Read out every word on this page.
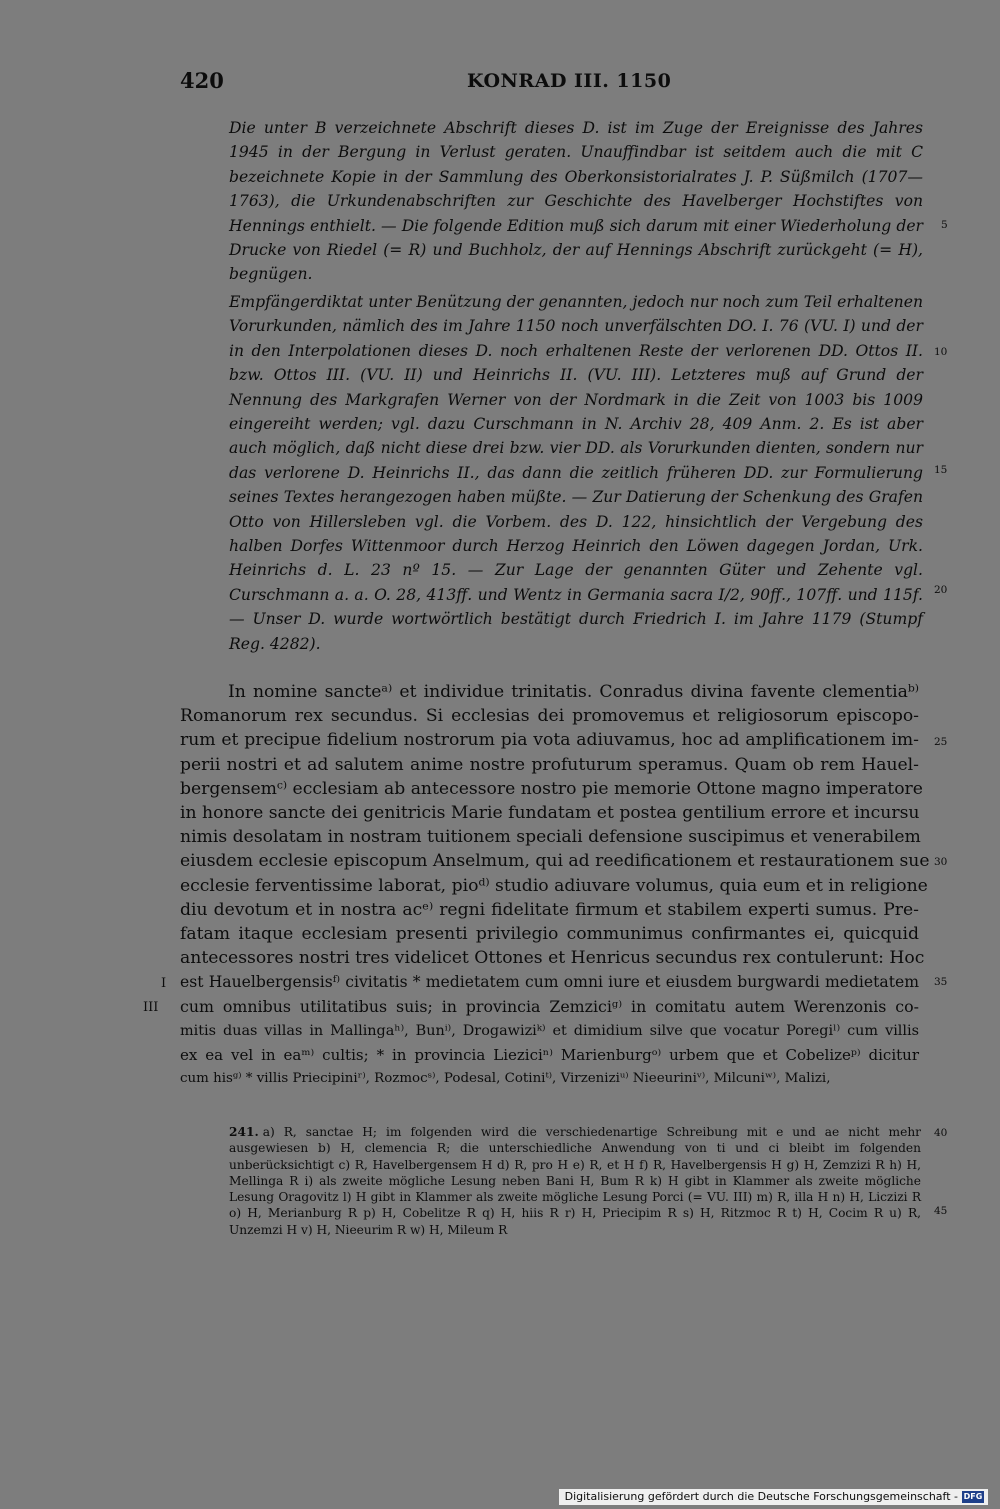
420	KONRAD III. 1150
Die unter B verzeichnete Abschrift dieses D. ist im Zuge der Ereignisse des Jahres 1945 in der Bergung in Verlust geraten. Unauffindbar ist seitdem auch die mit C bezeichnete Kopie in der Sammlung des Oberkonsistorialrates J. P. Süßmilch (1707—1763), die Urkundenabschriften zur Geschichte des Havelberger Hochstiftes von Hennings enthielt. — Die folgende Edition muß sich darum mit einer Wiederholung der Drucke von Riedel (= R) und Buchholz, der auf Hennings Abschrift zurückgeht (= H), begnügen.
Empfängerdiktat unter Benützung der genannten, jedoch nur noch zum Teil erhaltenen Vorurkunden, nämlich des im Jahre 1150 noch unverfälschten DO. I. 76 (VU. I) und der in den Interpolationen dieses D. noch erhaltenen Reste der verlorenen DD. Ottos II. bzw. Ottos III. (VU. II) und Heinrichs II. (VU. III). Letzteres muß auf Grund der Nennung des Markgrafen Werner von der Nordmark in die Zeit von 1003 bis 1009 eingereiht werden; vgl. dazu Curschmann in N. Archiv 28, 409 Anm. 2. Es ist aber auch möglich, daß nicht diese drei bzw. vier DD. als Vorurkunden dienten, sondern nur das verlorene D. Heinrichs II., das dann die zeitlich früheren DD. zur Formulierung seines Textes herangezogen haben müßte. — Zur Datierung der Schenkung des Grafen Otto von Hillersleben vgl. die Vorbem. des D. 122, hinsichtlich der Vergebung des halben Dorfes Wittenmoor durch Herzog Heinrich den Löwen dagegen Jordan, Urk. Heinrichs d. L. 23 nº 15. — Zur Lage der genannten Güter und Zehente vgl. Curschmann a. a. O. 28, 413ff. und Wentz in Germania sacra I/2, 90ff., 107ff. und 115f. — Unser D. wurde wortwörtlich bestätigt durch Friedrich I. im Jahre 1179 (Stumpf Reg. 4282).
In nomine sancteᵃ⁾ et individue trinitatis. Conradus divina favente clementiaᵇ⁾
Romanorum rex secundus. Si ecclesias dei promovemus et religiosorum episcopo-
rum et precipue fidelium nostrorum pia vota adiuvamus, hoc ad amplificationem im-
perii nostri et ad salutem anime nostre profuturum speramus. Quam ob rem Hauel-
bergensemᶜ⁾ ecclesiam ab antecessore nostro pie memorie Ottone magno imperatore
in honore sancte dei genitricis Marie fundatam et postea gentilium errore et incursu
nimis desolatam in nostram tuitionem speciali defensione suscipimus et venerabilem
eiusdem ecclesie episcopum Anselmum, qui ad reedificationem et restaurationem sue
ecclesie ferventissime laborat, pioᵈ⁾ studio adiuvare volumus, quia eum et in religione
diu devotum et in nostra acᵉ⁾ regni fidelitate firmum et stabilem experti sumus. Pre-
fatam itaque ecclesiam presenti privilegio communimus confirmantes ei, quicquid
antecessores nostri tres videlicet Ottones et Henricus secundus rex contulerunt: Hoc
est Hauelbergensisᶠ⁾ civitatis * medietatem cum omni iure et eiusdem burgwardi medietatem
cum omnibus utilitatibus suis; in provincia Zemziciᵍ⁾ in comitatu autem Werenzonis co-
mitis duas villas in Mallingaʰ⁾, Bunⁱ⁾, Drogawiziᵏ⁾ et dimidium silve que vocatur Poregiˡ⁾ cum villis
ex ea vel in eaᵐ⁾ cultis; * in provincia Lieziciⁿ⁾ Marienburgᵒ⁾ urbem que et Cobelizeᵖ⁾ dicitur
cum hisᵍ⁾ * villis Priecipiniʳ⁾, Rozmocˢ⁾, Podesal, Cotiniᵗ⁾, Virzeniziᵘ⁾ Nieeuriniᵛ⁾, Milcuniʷ⁾, Malizi,
I
III
5
10
15
20
25
30
35
40
45
241. a) R, sanctae H; im folgenden wird die verschiedenartige Schreibung mit e und ae nicht mehr ausgewiesen b) H, clemencia R; die unterschiedliche Anwendung von ti und ci bleibt im folgenden unberücksichtigt c) R, Havelbergensem H d) R, pro H e) R, et H f) R, Havelbergensis H g) H, Zemzizi R h) H, Mellinga R i) als zweite mögliche Lesung neben Bani H, Bum R k) H gibt in Klammer als zweite mögliche Lesung Oragovitz l) H gibt in Klammer als zweite mögliche Lesung Porci (= VU. III) m) R, illa H n) H, Liczizi R o) H, Merianburg R p) H, Cobelitze R q) H, hiis R r) H, Priecipim R s) H, Ritzmoc R t) H, Cocim R u) R, Unzemzi H v) H, Nieeurim R w) H, Mileum R
Digitalisierung gefördert durch die Deutsche Forschungsgemeinschaft - DFG
